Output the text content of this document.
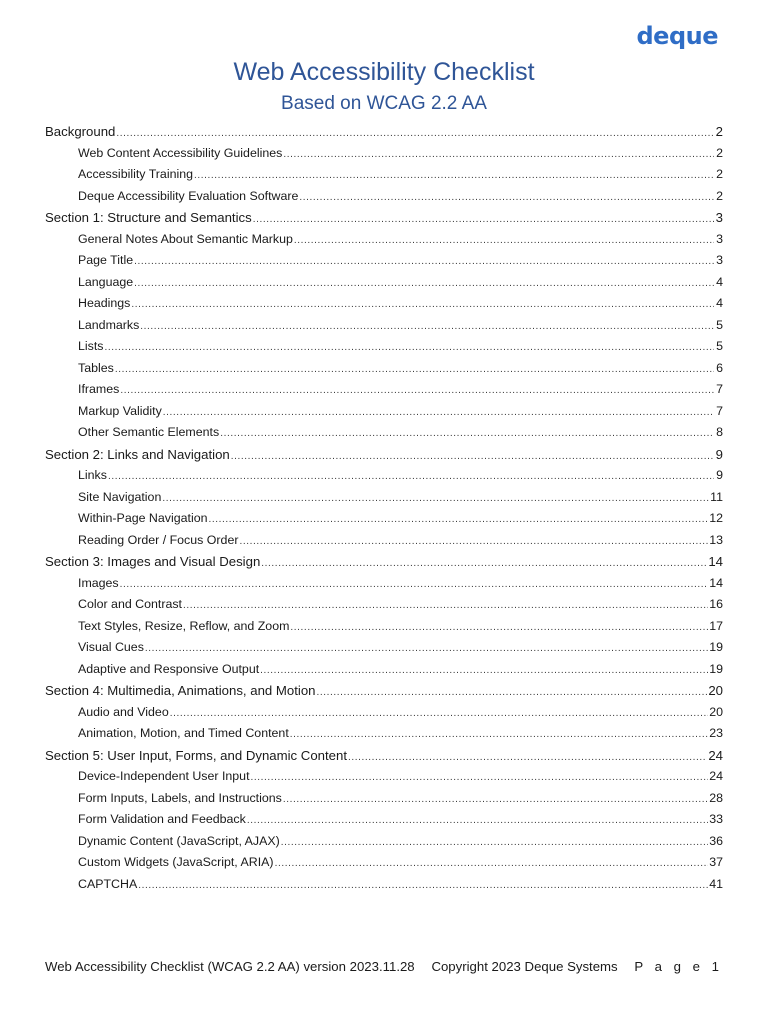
deque
Web Accessibility Checklist
Based on WCAG 2.2 AA
Background .....	2
Web Content Accessibility Guidelines .....	2
Accessibility Training .....	2
Deque Accessibility Evaluation Software .....	2
Section 1: Structure and Semantics .....	3
General Notes About Semantic Markup .....	3
Page Title .....	3
Language .....	4
Headings .....	4
Landmarks .....	5
Lists .....	5
Tables .....	6
Iframes .....	7
Markup Validity .....	7
Other Semantic Elements .....	8
Section 2: Links and Navigation .....	9
Links .....	9
Site Navigation .....	11
Within-Page Navigation .....	12
Reading Order / Focus Order .....	13
Section 3: Images and Visual Design .....	14
Images .....	14
Color and Contrast .....	16
Text Styles, Resize, Reflow, and Zoom .....	17
Visual Cues .....	19
Adaptive and Responsive Output .....	19
Section 4: Multimedia, Animations, and Motion .....	20
Audio and Video .....	20
Animation, Motion, and Timed Content .....	23
Section 5: User Input, Forms, and Dynamic Content .....	24
Device-Independent User Input .....	24
Form Inputs, Labels, and Instructions .....	28
Form Validation and Feedback .....	33
Dynamic Content (JavaScript, AJAX) .....	36
Custom Widgets (JavaScript, ARIA) .....	37
CAPTCHA .....	41
Web Accessibility Checklist (WCAG 2.2 AA) version 2023.11.28 Copyright 2023 Deque Systems P a g e 1
